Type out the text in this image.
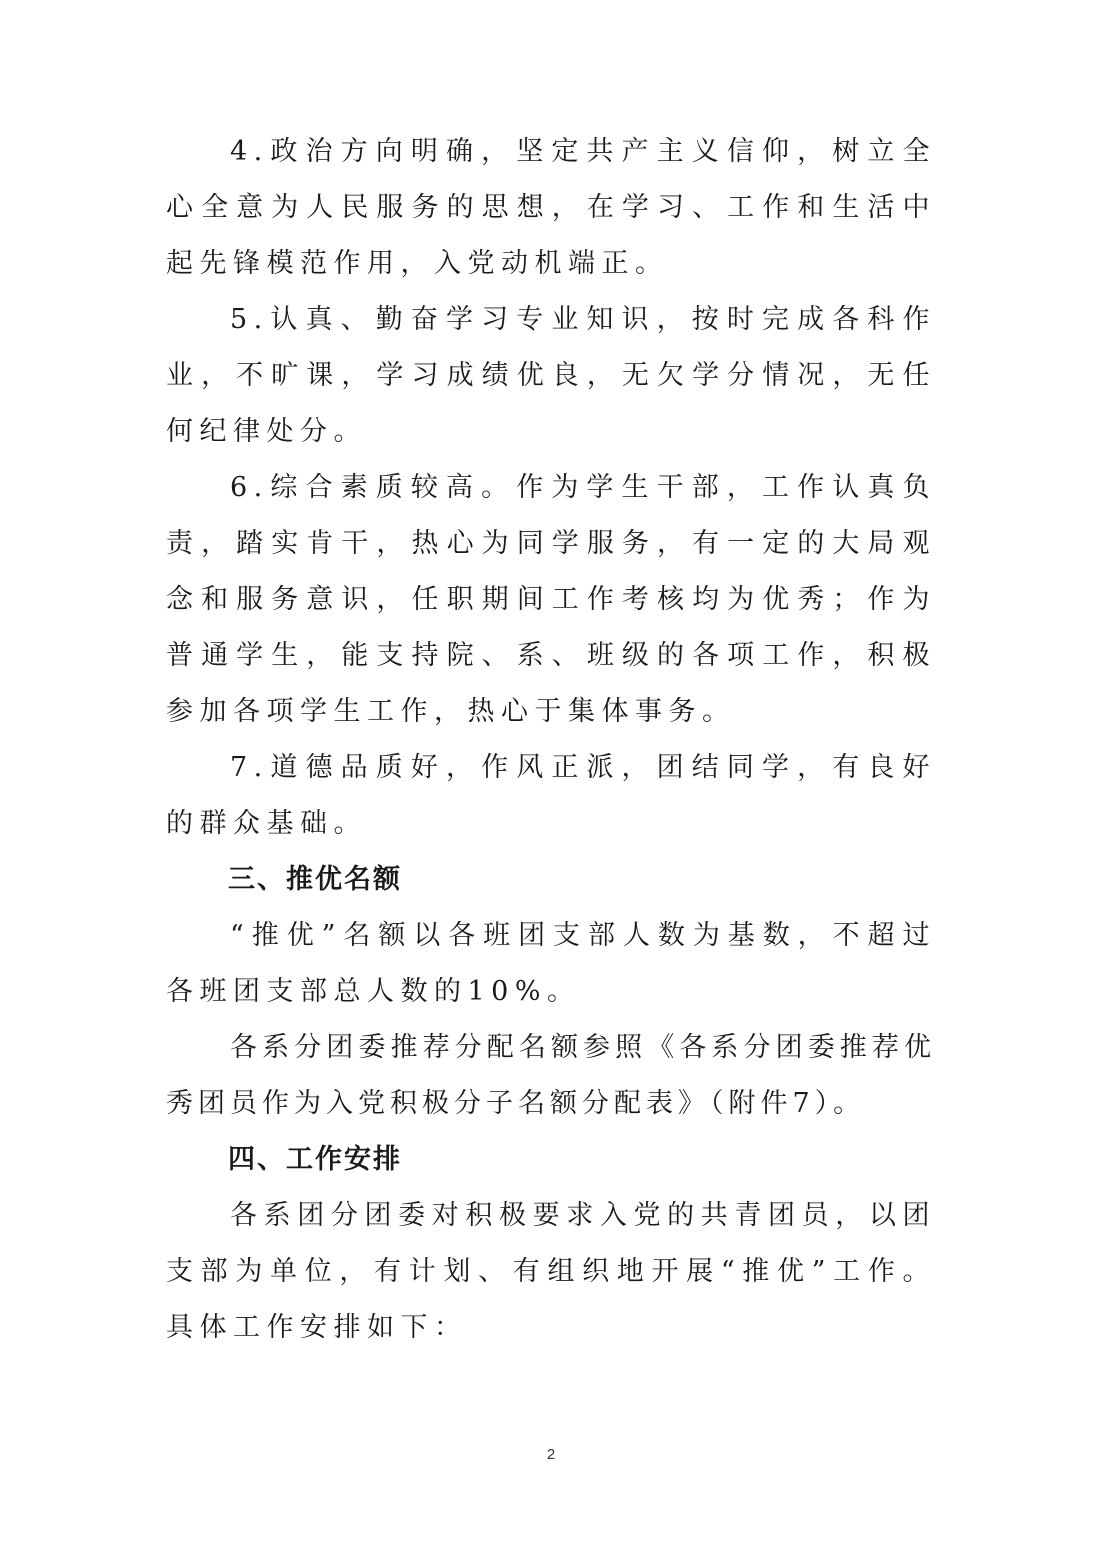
4.政治方向明确，坚定共产主义信仰，树立全心全意为人民服务的思想，在学习、工作和生活中起先锋模范作用，入党动机端正。

5.认真、勤奋学习专业知识，按时完成各科作业，不旷课，学习成绩优良，无欠学分情况，无任何纪律处分。

6.综合素质较高。作为学生干部，工作认真负责，踏实肯干，热心为同学服务，有一定的大局观念和服务意识，任职期间工作考核均为优秀；作为普通学生，能支持院、系、班级的各项工作，积极参加各项学生工作，热心于集体事务。

7.道德品质好，作风正派，团结同学，有良好的群众基础。

三、推优名额

“推优”名额以各班团支部人数为基数，不超过各班团支部总人数的10%。

各系分团委推荐分配名额参照《各系分团委推荐优秀团员作为入党积极分子名额分配表》（附件7）。

四、工作安排

各系团分团委对积极要求入党的共青团员，以团支部为单位，有计划、有组织地开展“推优”工作。具体工作安排如下：

2
